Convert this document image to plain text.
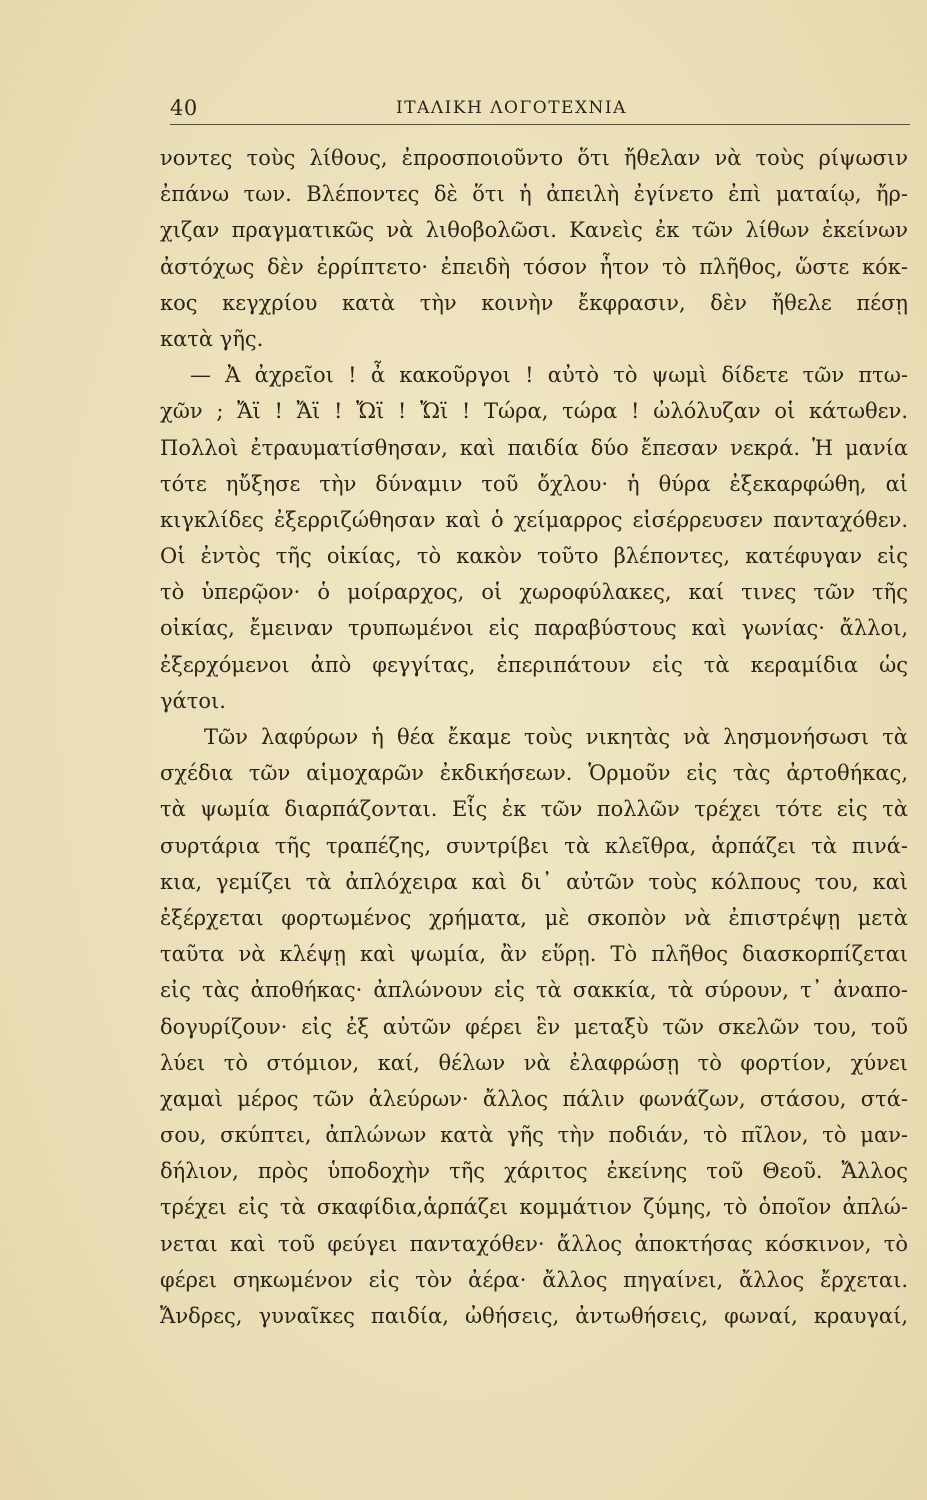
40	ΙΤΑΛΙΚΗ ΛΟΓΟΤΕΧΝΙΑ
νοντες τοὺς λίθους, ἐπροσποιοῦντο ὅτι ἤθελαν νὰ τοὺς ρίψωσιν
ἐπάνω των. Βλέποντες δὲ ὅτι ἡ ἀπειλὴ ἐγίνετο ἐπὶ ματαίῳ, ἤρ-
χιζαν πραγματικῶς νὰ λιθοβολῶσι. Κανεὶς ἐκ τῶν λίθων ἐκείνων
ἀστόχως δὲν ἐρρίπτετο· ἐπειδὴ τόσον ἦτον τὸ πλῆθος, ὥστε κόκ-
κος κεγχρίου κατὰ τὴν κοινὴν ἔκφρασιν, δὲν ἤθελε πέσῃ
κατὰ γῆς.
— Ἀ ἀχρεῖοι ! ἆ κακοῦργοι ! αὐτὸ τὸ ψωμὶ δίδετε τῶν πτω-
χῶν ; Ἄϊ ! Ἄϊ ! Ὤϊ ! Ὤϊ ! Τώρα, τώρα ! ὠλόλυζαν οἱ κάτωθεν.
Πολλοὶ ἐτραυματίσθησαν, καὶ παιδία δύο ἔπεσαν νεκρά. Ἡ μανία
τότε ηὔξησε τὴν δύναμιν τοῦ ὄχλου· ἡ θύρα ἐξεκαρφώθη, αἱ
κιγκλίδες ἐξερριζώθησαν καὶ ὁ χείμαρρος εἰσέρρευσεν πανταχόθεν.
Οἱ ἐντὸς τῆς οἰκίας, τὸ κακὸν τοῦτο βλέποντες, κατέφυγαν εἰς
τὸ ὑπερῷον· ὁ μοίραρχος, οἱ χωροφύλακες, καί τινες τῶν τῆς
οἰκίας, ἔμειναν τρυπωμένοι εἰς παραβύστους καὶ γωνίας· ἄλλοι,
ἐξερχόμενοι ἀπὸ φεγγίτας, ἐπεριπάτουν εἰς τὰ κεραμίδια ὡς
γάτοι.
Τῶν λαφύρων ἡ θέα ἔκαμε τοὺς νικητὰς νὰ λησμονήσωσι τὰ
σχέδια τῶν αἱμοχαρῶν ἐκδικήσεων. Ὁρμοῦν εἰς τὰς ἀρτοθήκας,
τὰ ψωμία διαρπάζονται. Εἷς ἐκ τῶν πολλῶν τρέχει τότε εἰς τὰ
συρτάρια τῆς τραπέζης, συντρίβει τὰ κλεῖθρα, ἁρπάζει τὰ πινά-
κια, γεμίζει τὰ ἀπλόχειρα καὶ δι᾽ αὐτῶν τοὺς κόλπους του, καὶ
ἐξέρχεται φορτωμένος χρήματα, μὲ σκοπὸν νὰ ἐπιστρέψῃ μετὰ
ταῦτα νὰ κλέψῃ καὶ ψωμία, ἂν εὕρῃ. Τὸ πλῆθος διασκορπίζεται
εἰς τὰς ἀποθήκας· ἀπλώνουν εἰς τὰ σακκία, τὰ σύρουν, τ᾽ ἀναπο-
δογυρίζουν· εἰς ἐξ αὐτῶν φέρει ἓν μεταξὺ τῶν σκελῶν του, τοῦ
λύει τὸ στόμιον, καί, θέλων νὰ ἐλαφρώσῃ τὸ φορτίον, χύνει
χαμαὶ μέρος τῶν ἀλεύρων· ἄλλος πάλιν φωνάζων, στάσου, στά-
σου, σκύπτει, ἀπλώνων κατὰ γῆς τὴν ποδιάν, τὸ πῖλον, τὸ μαν-
δήλιον, πρὸς ὑποδοχὴν τῆς χάριτος ἐκείνης τοῦ Θεοῦ. Ἄλλος
τρέχει εἰς τὰ σκαφίδια,ἁρπάζει κομμάτιον ζύμης, τὸ ὁποῖον ἀπλώ-
νεται καὶ τοῦ φεύγει πανταχόθεν· ἄλλος ἀποκτήσας κόσκινον, τὸ
φέρει σηκωμένον εἰς τὸν ἀέρα· ἄλλος πηγαίνει, ἄλλος ἔρχεται.
Ἄνδρες, γυναῖκες παιδία, ὠθήσεις, ἀντωθήσεις, φωναί, κραυγαί,
